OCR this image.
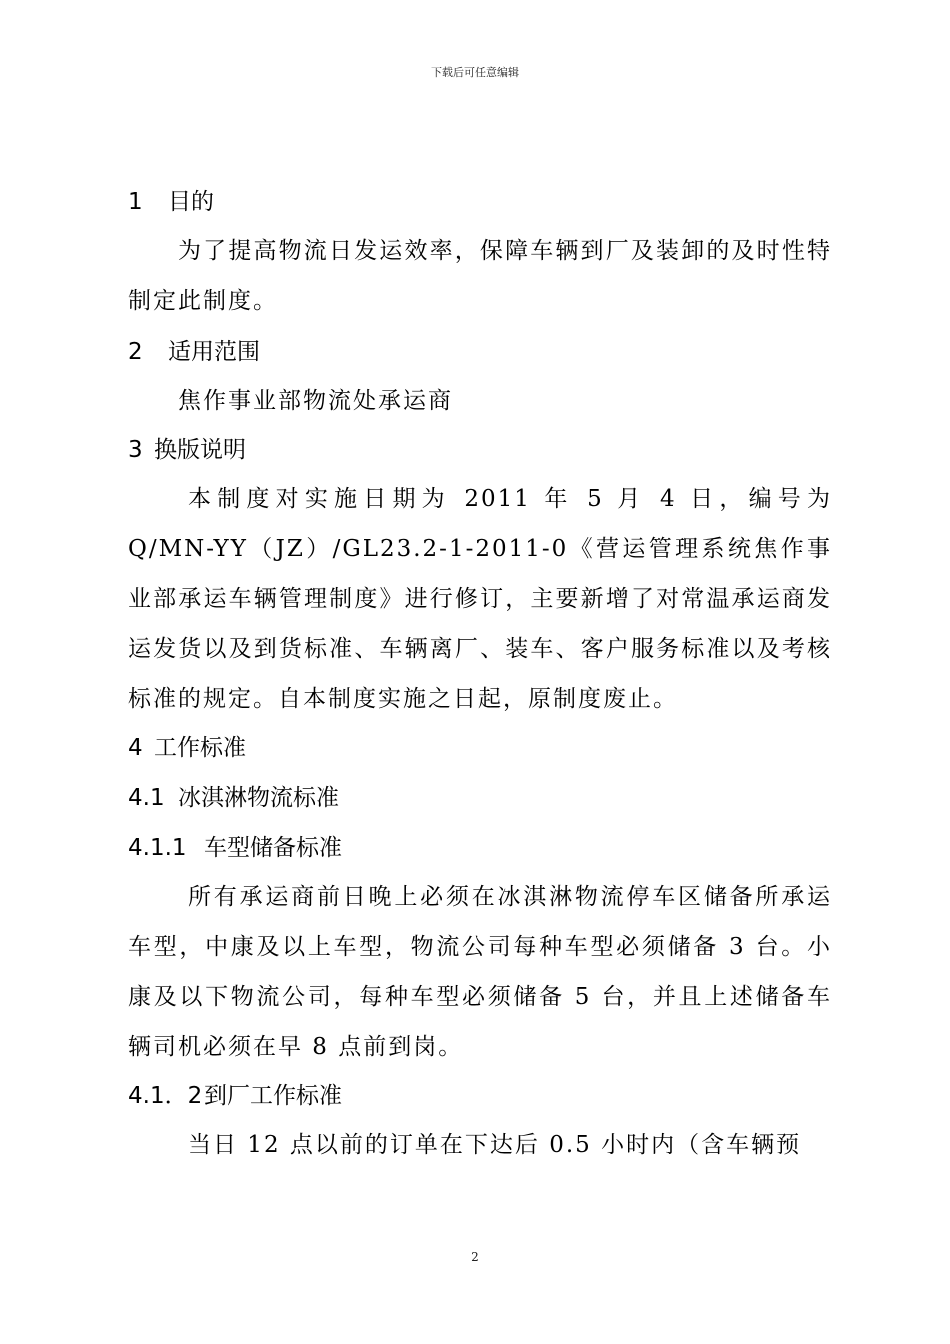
下载后可任意编辑
1 目的

为了提高物流日发运效率，保障车辆到厂及装卸的及时性特制定此制度。

2 适用范围

焦作事业部物流处承运商

3 换版说明

本制度对实施日期为 2011 年 5 月 4 日，编号为 Q/MN-YY（JZ）/GL23.2-1-2011-0《营运管理系统焦作事业部承运车辆管理制度》进行修订，主要新增了对常温承运商发运发货以及到货标准、车辆离厂、装车、客户服务标准以及考核标准的规定。自本制度实施之日起，原制度废止。

4 工作标准
4.1 冰淇淋物流标准
4.1.1 车型储备标准

所有承运商前日晚上必须在冰淇淋物流停车区储备所承运车型，中康及以上车型，物流公司每种车型必须储备 3 台。小康及以下物流公司，每种车型必须储备 5 台，并且上述储备车辆司机必须在早 8 点前到岗。

4.1．2到厂工作标准

当日 12 点以前的订单在下达后 0.5 小时内（含车辆预

2
